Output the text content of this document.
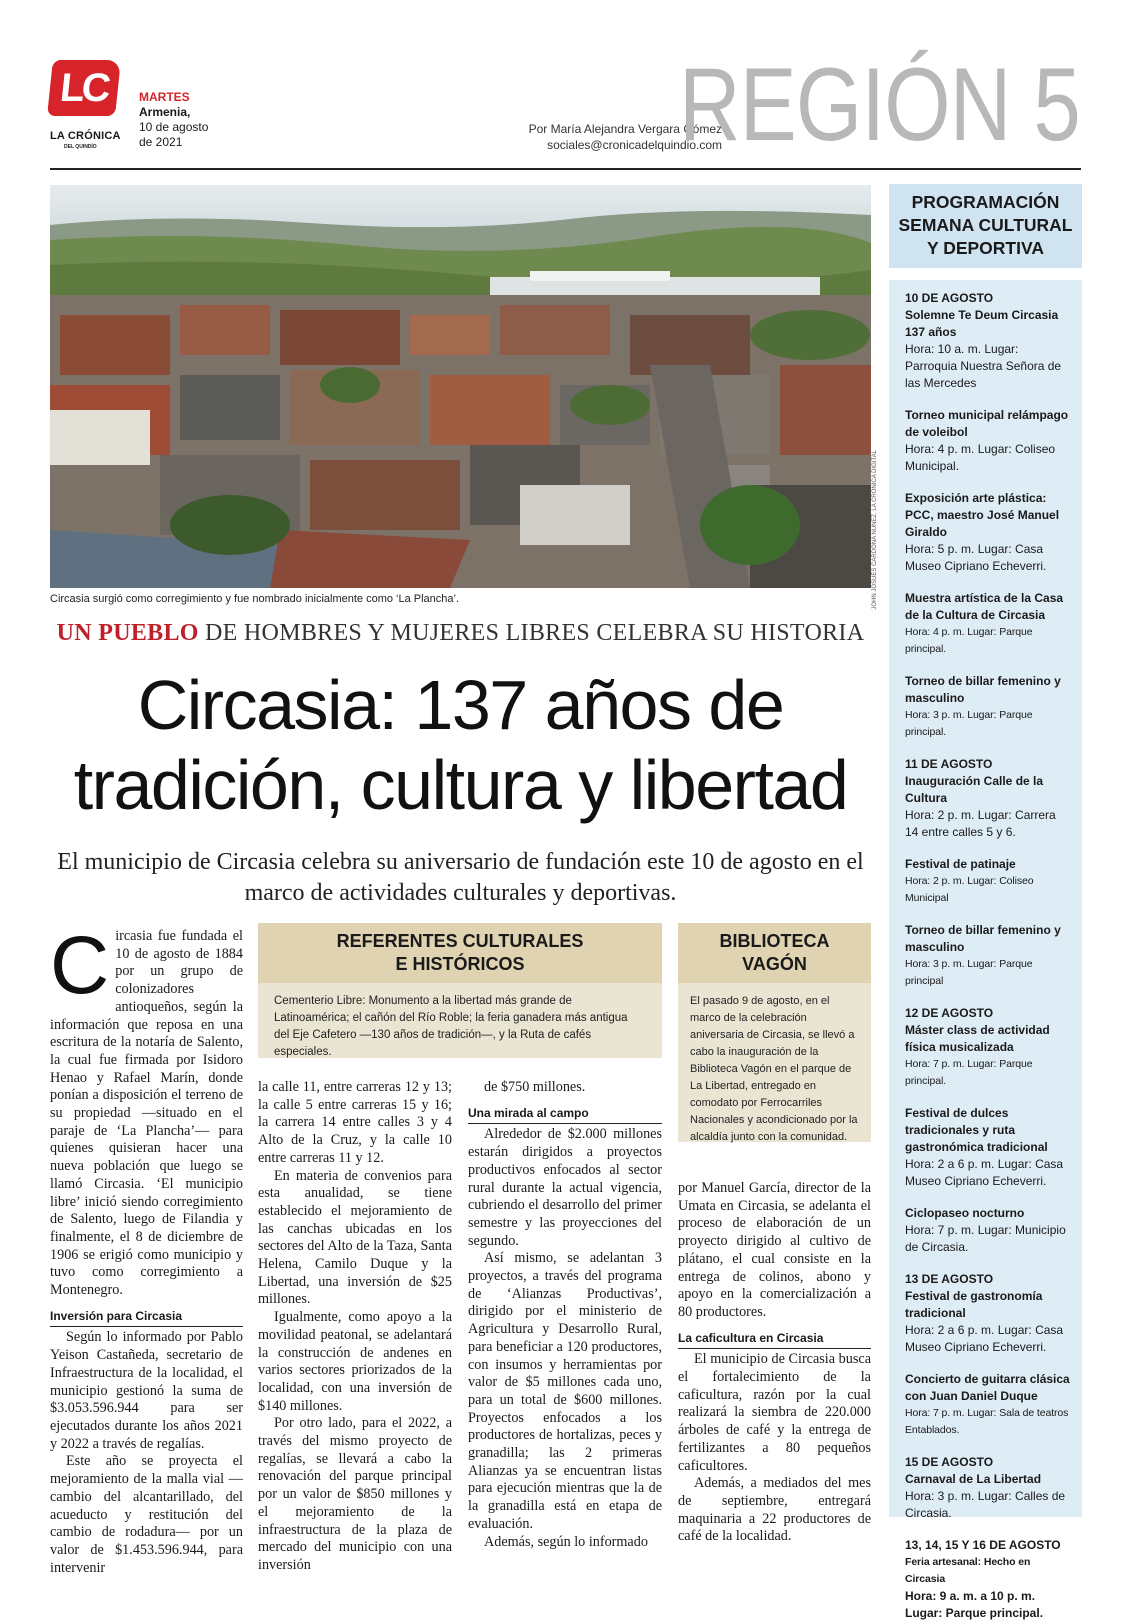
LC
LA CRÓNICA
DEL QUINDÍO
MARTES
Armenia,
10 de agosto
de 2021
Por María Alejandra Vergara Gómez
sociales@cronicadelquindio.com
REGIÓN 5
JOHN JOSUÉS CARDONA NÚÑEZ. LA CRÓNICA DIGITAL
Circasia surgió como corregimiento y fue nombrado inicialmente como ‘La Plancha’.
UN PUEBLO DE HOMBRES Y MUJERES LIBRES CELEBRA SU HISTORIA
Circasia: 137 años de
tradición, cultura y libertad
El municipio de Circasia celebra su aniversario de fundación este 10 de agosto en el marco de actividades culturales y deportivas.

Circasia fue fundada el 10 de agosto de 1884 por un grupo de colonizadores antioqueños, según la información que reposa en una escritura de la notaría de Salento, la cual fue firmada por Isidoro Henao y Rafael Marín, donde ponían a disposición el terreno de su propiedad —situado en el paraje de ‘La Plancha’— para quienes quisieran hacer una nueva población que luego se llamó Circasia. ‘El municipio libre’ inició siendo corregimiento de Salento, luego de Filandia y finalmente, el 8 de diciembre de 1906 se erigió como municipio y tuvo como corregimiento a Montenegro.

Inversión para Circasia

Según lo informado por Pablo Yeison Castañeda, secretario de Infraestructura de la localidad, el municipio gestionó la suma de $3.053.596.944 para ser ejecutados durante los años 2021 y 2022 a través de regalías.

Este año se proyecta el mejoramiento de la malla vial —cambio del alcantarillado, del acueducto y restitución del cambio de rodadura— por un valor de $1.453.596.944, para intervenir

la calle 11, entre carreras 12 y 13; la calle 5 entre carreras 15 y 16; la carrera 14 entre calles 3 y 4 Alto de la Cruz, y la calle 10 entre carreras 11 y 12.

En materia de convenios para esta anualidad, se tiene establecido el mejoramiento de las canchas ubicadas en los sectores del Alto de la Taza, Santa Helena, Camilo Duque y la Libertad, una inversión de $25 millones.

Igualmente, como apoyo a la movilidad peatonal, se adelantará la construcción de andenes en varios sectores priorizados de la localidad, con una inversión de $140 millones.

Por otro lado, para el 2022, a través del mismo proyecto de regalías, se llevará a cabo la renovación del parque principal por un valor de $850 millones y el mejoramiento de la infraestructura de la plaza de mercado del municipio con una inversión

de $750 millones.

Una mirada al campo

Alrededor de $2.000 millones estarán dirigidos a proyectos productivos enfocados al sector rural durante la actual vigencia, cubriendo el desarrollo del primer semestre y las proyecciones del segundo.

Así mismo, se adelantan 3 proyectos, a través del programa de ‘Alianzas Productivas’, dirigido por el ministerio de Agricultura y Desarrollo Rural, para beneficiar a 120 productores, con insumos y herramientas por valor de $5 millones cada uno, para un total de $600 millones. Proyectos enfocados a los productores de hortalizas, peces y granadilla; las 2 primeras Alianzas ya se encuentran listas para ejecución mientras que la de la granadilla está en etapa de evaluación.

Además, según lo informado

por Manuel García, director de la Umata en Circasia, se adelanta el proceso de elaboración de un proyecto dirigido al cultivo de plátano, el cual consiste en la entrega de colinos, abono y apoyo en la comercialización a 80 productores.

La caficultura en Circasia

El municipio de Circasia busca el fortalecimiento de la caficultura, razón por la cual realizará la siembra de 220.000 árboles de café y la entrega de fertilizantes a 80 pequeños caficultores.

Además, a mediados del mes de septiembre, entregará maquinaria a 22 productores de café de la localidad.

REFERENTES CULTURALES
E HISTÓRICOS
Cementerio Libre: Monumento a la libertad más grande de Latinoamérica; el cañón del Río Roble; la feria ganadera más antigua del Eje Cafetero —130 años de tradición—, y la Ruta de cafés especiales.
BIBLIOTECA
VAGÓN
El pasado 9 de agosto, en el marco de la celebración aniversaria de Circasia, se llevó a cabo la inauguración de la Biblioteca Vagón en el parque de La Libertad, entregado en comodato por Ferrocarriles Nacionales y acondicionado por la alcaldía junto con la comunidad.
PROGRAMACIÓN
SEMANA CULTURAL
Y DEPORTIVA
10 DE AGOSTO
Solemne Te Deum Circasia 137 años
Hora: 10 a. m. Lugar: Parroquia Nuestra Señora de las Mercedes
Torneo municipal relámpago de voleibol
Hora: 4 p. m. Lugar: Coliseo Municipal.
Exposición arte plástica: PCC, maestro José Manuel Giraldo
Hora: 5 p. m. Lugar: Casa Museo Cipriano Echeverri.
Muestra artística de la Casa de la Cultura de Circasia
Hora: 4 p. m. Lugar: Parque principal.
Torneo de billar femenino y masculino
Hora: 3 p. m. Lugar: Parque principal.
11 DE AGOSTO
Inauguración Calle de la Cultura
Hora: 2 p. m. Lugar: Carrera 14 entre calles 5 y 6.
Festival de patinaje
Hora: 2 p. m. Lugar: Coliseo Municipal
Torneo de billar femenino y masculino
Hora: 3 p. m. Lugar: Parque principal
12 DE AGOSTO
Máster class de actividad física musicalizada
Hora: 7 p. m. Lugar: Parque principal.
Festival de dulces tradicionales y ruta gastronómica tradicional
Hora: 2 a 6 p. m. Lugar: Casa Museo Cipriano Echeverri.
Ciclopaseo nocturno
Hora: 7 p. m. Lugar: Municipio de Circasia.
13 DE AGOSTO
Festival de gastronomía tradicional
Hora: 2 a 6 p. m. Lugar: Casa Museo Cipriano Echeverri.
Concierto de guitarra clásica con Juan Daniel Duque
Hora: 7 p. m. Lugar: Sala de teatros Entablados.
15 DE AGOSTO
Carnaval de La Libertad
Hora: 3 p. m. Lugar: Calles de Circasia.
13, 14, 15 Y 16 DE AGOSTO
Feria artesanal: Hecho en Circasia
Hora: 9 a. m. a 10 p. m.
Lugar: Parque principal.
